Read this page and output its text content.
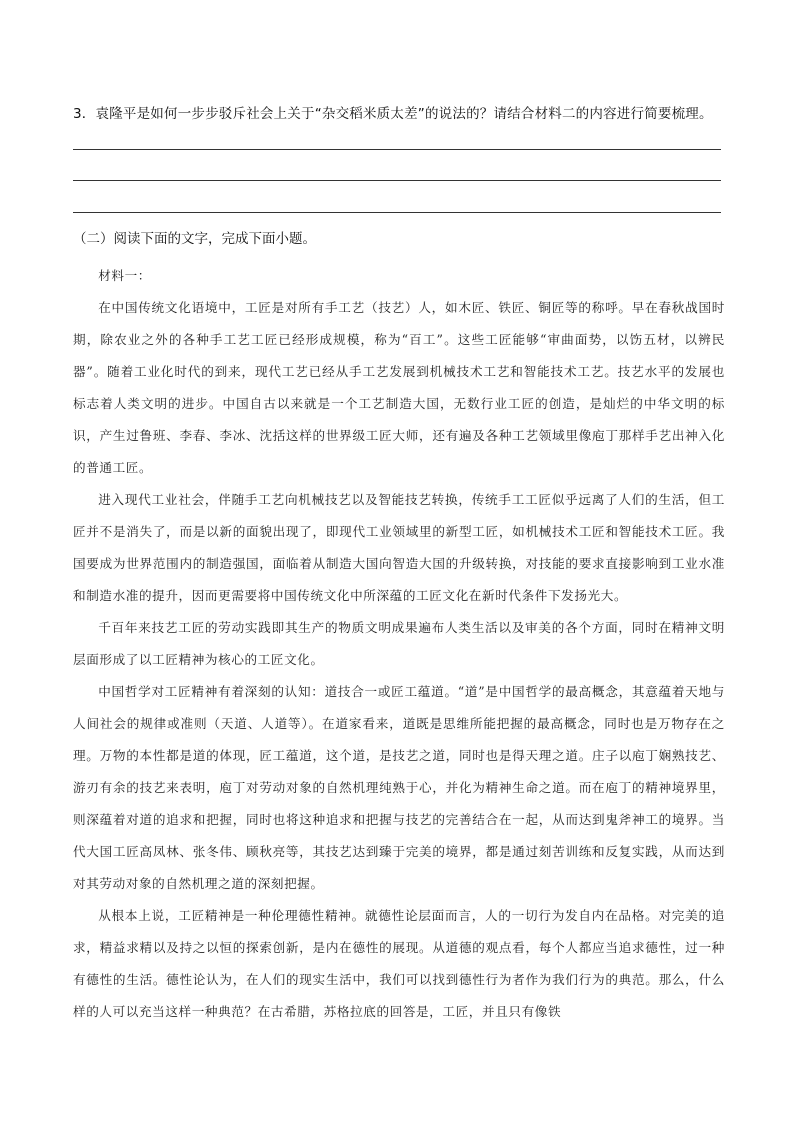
3．袁隆平是如何一步步驳斥社会上关于“杂交稻米质太差”的说法的？请结合材料二的内容进行简要梳理。
（二）阅读下面的文字，完成下面小题。

材料一：

在中国传统文化语境中，工匠是对所有手工艺（技艺）人，如木匠、铁匠、铜匠等的称呼。早在春秋战国时期，除农业之外的各种手工艺工匠已经形成规模，称为“百工”。这些工匠能够“审曲面势，以饬五材，以辨民器”。随着工业化时代的到来，现代工艺已经从手工艺发展到机械技术工艺和智能技术工艺。技艺水平的发展也标志着人类文明的进步。中国自古以来就是一个工艺制造大国，无数行业工匠的创造，是灿烂的中华文明的标识，产生过鲁班、李春、李冰、沈括这样的世界级工匠大师，还有遍及各种工艺领域里像庖丁那样手艺出神入化的普通工匠。

进入现代工业社会，伴随手工艺向机械技艺以及智能技艺转换，传统手工工匠似乎远离了人们的生活，但工匠并不是消失了，而是以新的面貌出现了，即现代工业领域里的新型工匠，如机械技术工匠和智能技术工匠。我国要成为世界范围内的制造强国，面临着从制造大国向智造大国的升级转换，对技能的要求直接影响到工业水准和制造水准的提升，因而更需要将中国传统文化中所深蕴的工匠文化在新时代条件下发扬光大。

千百年来技艺工匠的劳动实践即其生产的物质文明成果遍布人类生活以及审美的各个方面，同时在精神文明层面形成了以工匠精神为核心的工匠文化。

中国哲学对工匠精神有着深刻的认知：道技合一或匠工蕴道。“道”是中国哲学的最高概念，其意蕴着天地与人间社会的规律或准则（天道、人道等）。在道家看来，道既是思维所能把握的最高概念，同时也是万物存在之理。万物的本性都是道的体现，匠工蕴道，这个道，是技艺之道，同时也是得天理之道。庄子以庖丁娴熟技艺、游刃有余的技艺来表明，庖丁对劳动对象的自然机理纯熟于心，并化为精神生命之道。而在庖丁的精神境界里，则深蕴着对道的追求和把握，同时也将这种追求和把握与技艺的完善结合在一起，从而达到鬼斧神工的境界。当代大国工匠高凤林、张冬伟、顾秋亮等，其技艺达到臻于完美的境界，都是通过刻苦训练和反复实践，从而达到对其劳动对象的自然机理之道的深刻把握。

从根本上说，工匠精神是一种伦理德性精神。就德性论层面而言，人的一切行为发自内在品格。对完美的追求，精益求精以及持之以恒的探索创新，是内在德性的展现。从道德的观点看，每个人都应当追求德性，过一种有德性的生活。德性论认为，在人们的现实生活中，我们可以找到德性行为者作为我们行为的典范。那么，什么样的人可以充当这样一种典范？在古希腊，苏格拉底的回答是，工匠，并且只有像铁
